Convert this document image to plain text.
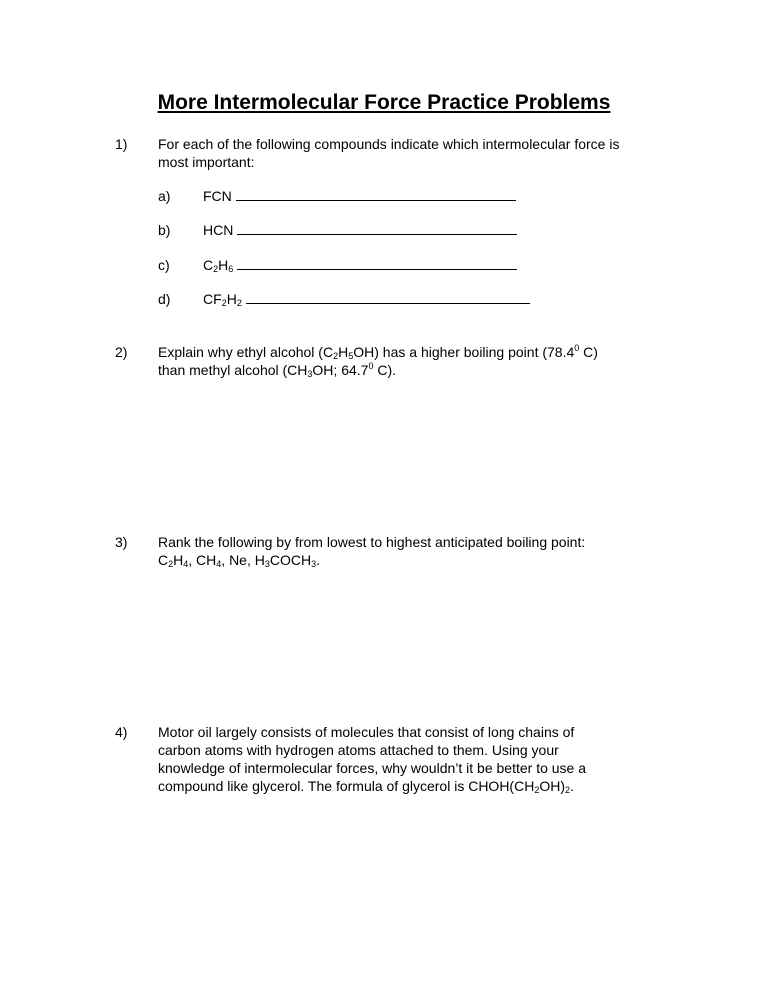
More Intermolecular Force Practice Problems
1) For each of the following compounds indicate which intermolecular force is
most important:
a) FCN
b) HCN
c) $C_2H_6$
d) $CF_2H_2$
2) Explain why ethyl alcohol $(C_2H_5OH)$ has a higher boiling point (78.4$^0$ C)
than methyl alcohol ($CH_3OH$; 64.7$^0$ C).
3) Rank the following by from lowest to highest anticipated boiling point:
$C_2H_4$, $CH_4$, Ne, $H_3COCH_3$.
4) Motor oil largely consists of molecules that consist of long chains of
carbon atoms with hydrogen atoms attached to them. Using your
knowledge of intermolecular forces, why wouldn’t it be better to use a
compound like glycerol. The formula of glycerol is $CHOH(CH_2OH)_2$.
